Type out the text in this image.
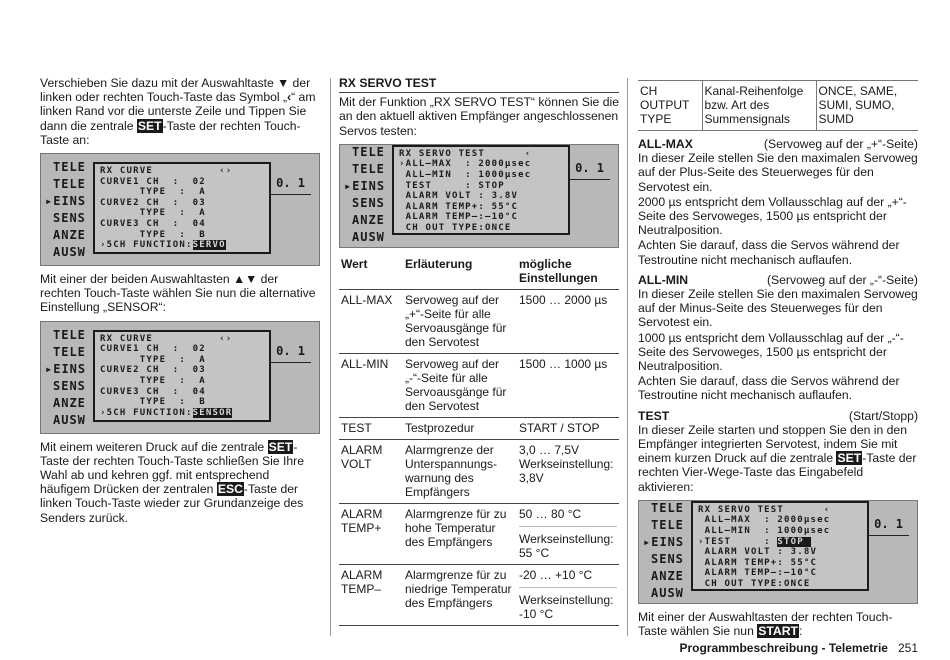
Verschieben Sie dazu mit der Auswahltaste ▼ der linken oder rechten Touch-Taste das Symbol „‹“ am linken Rand vor die unterste Zeile und Tippen Sie dann die zentrale SET-Taste der rechten Touch-Taste an:

TELE
TELE
▸EINS
SENS
ANZE
AUSW
0. 1
RX CURVE          ‹›
CURVE1 CH  :  02
TYPE  :  A
CURVE2 CH  :  03
TYPE  :  A
CURVE3 CH  :  04
TYPE  :  B
›5CH FUNCTION:SERVO

Mit einer der beiden Auswahltasten ▲▼ der rechten Touch-Taste wählen Sie nun die alternative Einstellung „SENSOR“:

TELE
TELE
▸EINS
SENS
ANZE
AUSW
0. 1
RX CURVE          ‹›
CURVE1 CH  :  02
TYPE  :  A
CURVE2 CH  :  03
TYPE  :  A
CURVE3 CH  :  04
TYPE  :  B
›5CH FUNCTION:SENSOR

Mit einem weiteren Druck auf die zentrale SET-Taste der rechten Touch-Taste schließen Sie Ihre Wahl ab und kehren ggf. mit entsprechend häufigem Drücken der zentralen ESC-Taste der linken Touch-Taste wieder zur Grundanzeige des Senders zurück.

RX SERVO TEST

Mit der Funktion „RX SERVO TEST“ können Sie die an den aktuell aktiven Empfänger angeschlossenen Servos testen:

TELE
TELE
▸EINS
SENS
ANZE
AUSW
0. 1
RX SERVO TEST      ‹
›ALL–MAX  : 2000µsec
ALL–MIN  : 1000µsec
TEST     : STOP
ALARM VOLT : 3.8V
ALARM TEMP+: 55°C
ALARM TEMP–:–10°C
CH OUT TYPE:ONCE
Wert	Erläuterung	mögliche Einstellungen
ALL-MAX	Servoweg auf der „+“-Seite für alle Servoausgänge für den Servotest	1500 … 2000 µs
ALL-MIN	Servoweg auf der „-“-Seite für alle Servoausgänge für den Servotest	1500 … 1000 µs
TEST	Testprozedur	START / STOP
ALARM VOLT	Alarmgrenze der Unterspannungs-warnung des Empfängers	3,0 … 7,5V Werkseinstellung: 3,8V
ALARM TEMP+	Alarmgrenze für zu hohe Temperatur des Empfängers	50 … 80 °C
Werkseinstellung: 55 °C

ALARM TEMP–	Alarmgrenze für zu niedrige Temperatur des Empfängers	-20 … +10 °C
Werkseinstellung: -10 °C
CH OUTPUT TYPE	Kanal-Reihenfolge bzw. Art des Summensignals	ONCE, SAME, SUMI, SUMO, SUMD
ALL-MAX	(Servoweg auf der „+“-Seite)

In dieser Zeile stellen Sie den maximalen Servoweg auf der Plus-Seite des Steuerweges für den Servotest ein.

2000 µs entspricht dem Vollausschlag auf der „+“-Seite des Servoweges, 1500 µs entspricht der Neutralposition.

Achten Sie darauf, dass die Servos während der Testroutine nicht mechanisch auflaufen.

ALL-MIN	(Servoweg auf der „-“-Seite)

In dieser Zeile stellen Sie den maximalen Servoweg auf der Minus-Seite des Steuerweges für den Servotest ein.

1000 µs entspricht dem Vollausschlag auf der „-“-Seite des Servoweges, 1500 µs entspricht der Neutralposition.

Achten Sie darauf, dass die Servos während der Testroutine nicht mechanisch auflaufen.

TEST	(Start/Stopp)

In dieser Zeile starten und stoppen Sie den in den Empfänger integrierten Servotest, indem Sie mit einem kurzen Druck auf die zentrale SET-Taste der rechten Vier-Wege-Taste das Eingabefeld aktivieren:

TELE
TELE
▸EINS
SENS
ANZE
AUSW
0. 1
RX SERVO TEST      ‹
ALL–MAX  : 2000µsec
ALL–MIN  : 1000µsec
›TEST     : STOP
ALARM VOLT : 3.8V
ALARM TEMP+: 55°C
ALARM TEMP–:–10°C
CH OUT TYPE:ONCE

Mit einer der Auswahltasten der rechten Touch-Taste wählen Sie nun START:

Programmbeschreibung - Telemetrie 251
